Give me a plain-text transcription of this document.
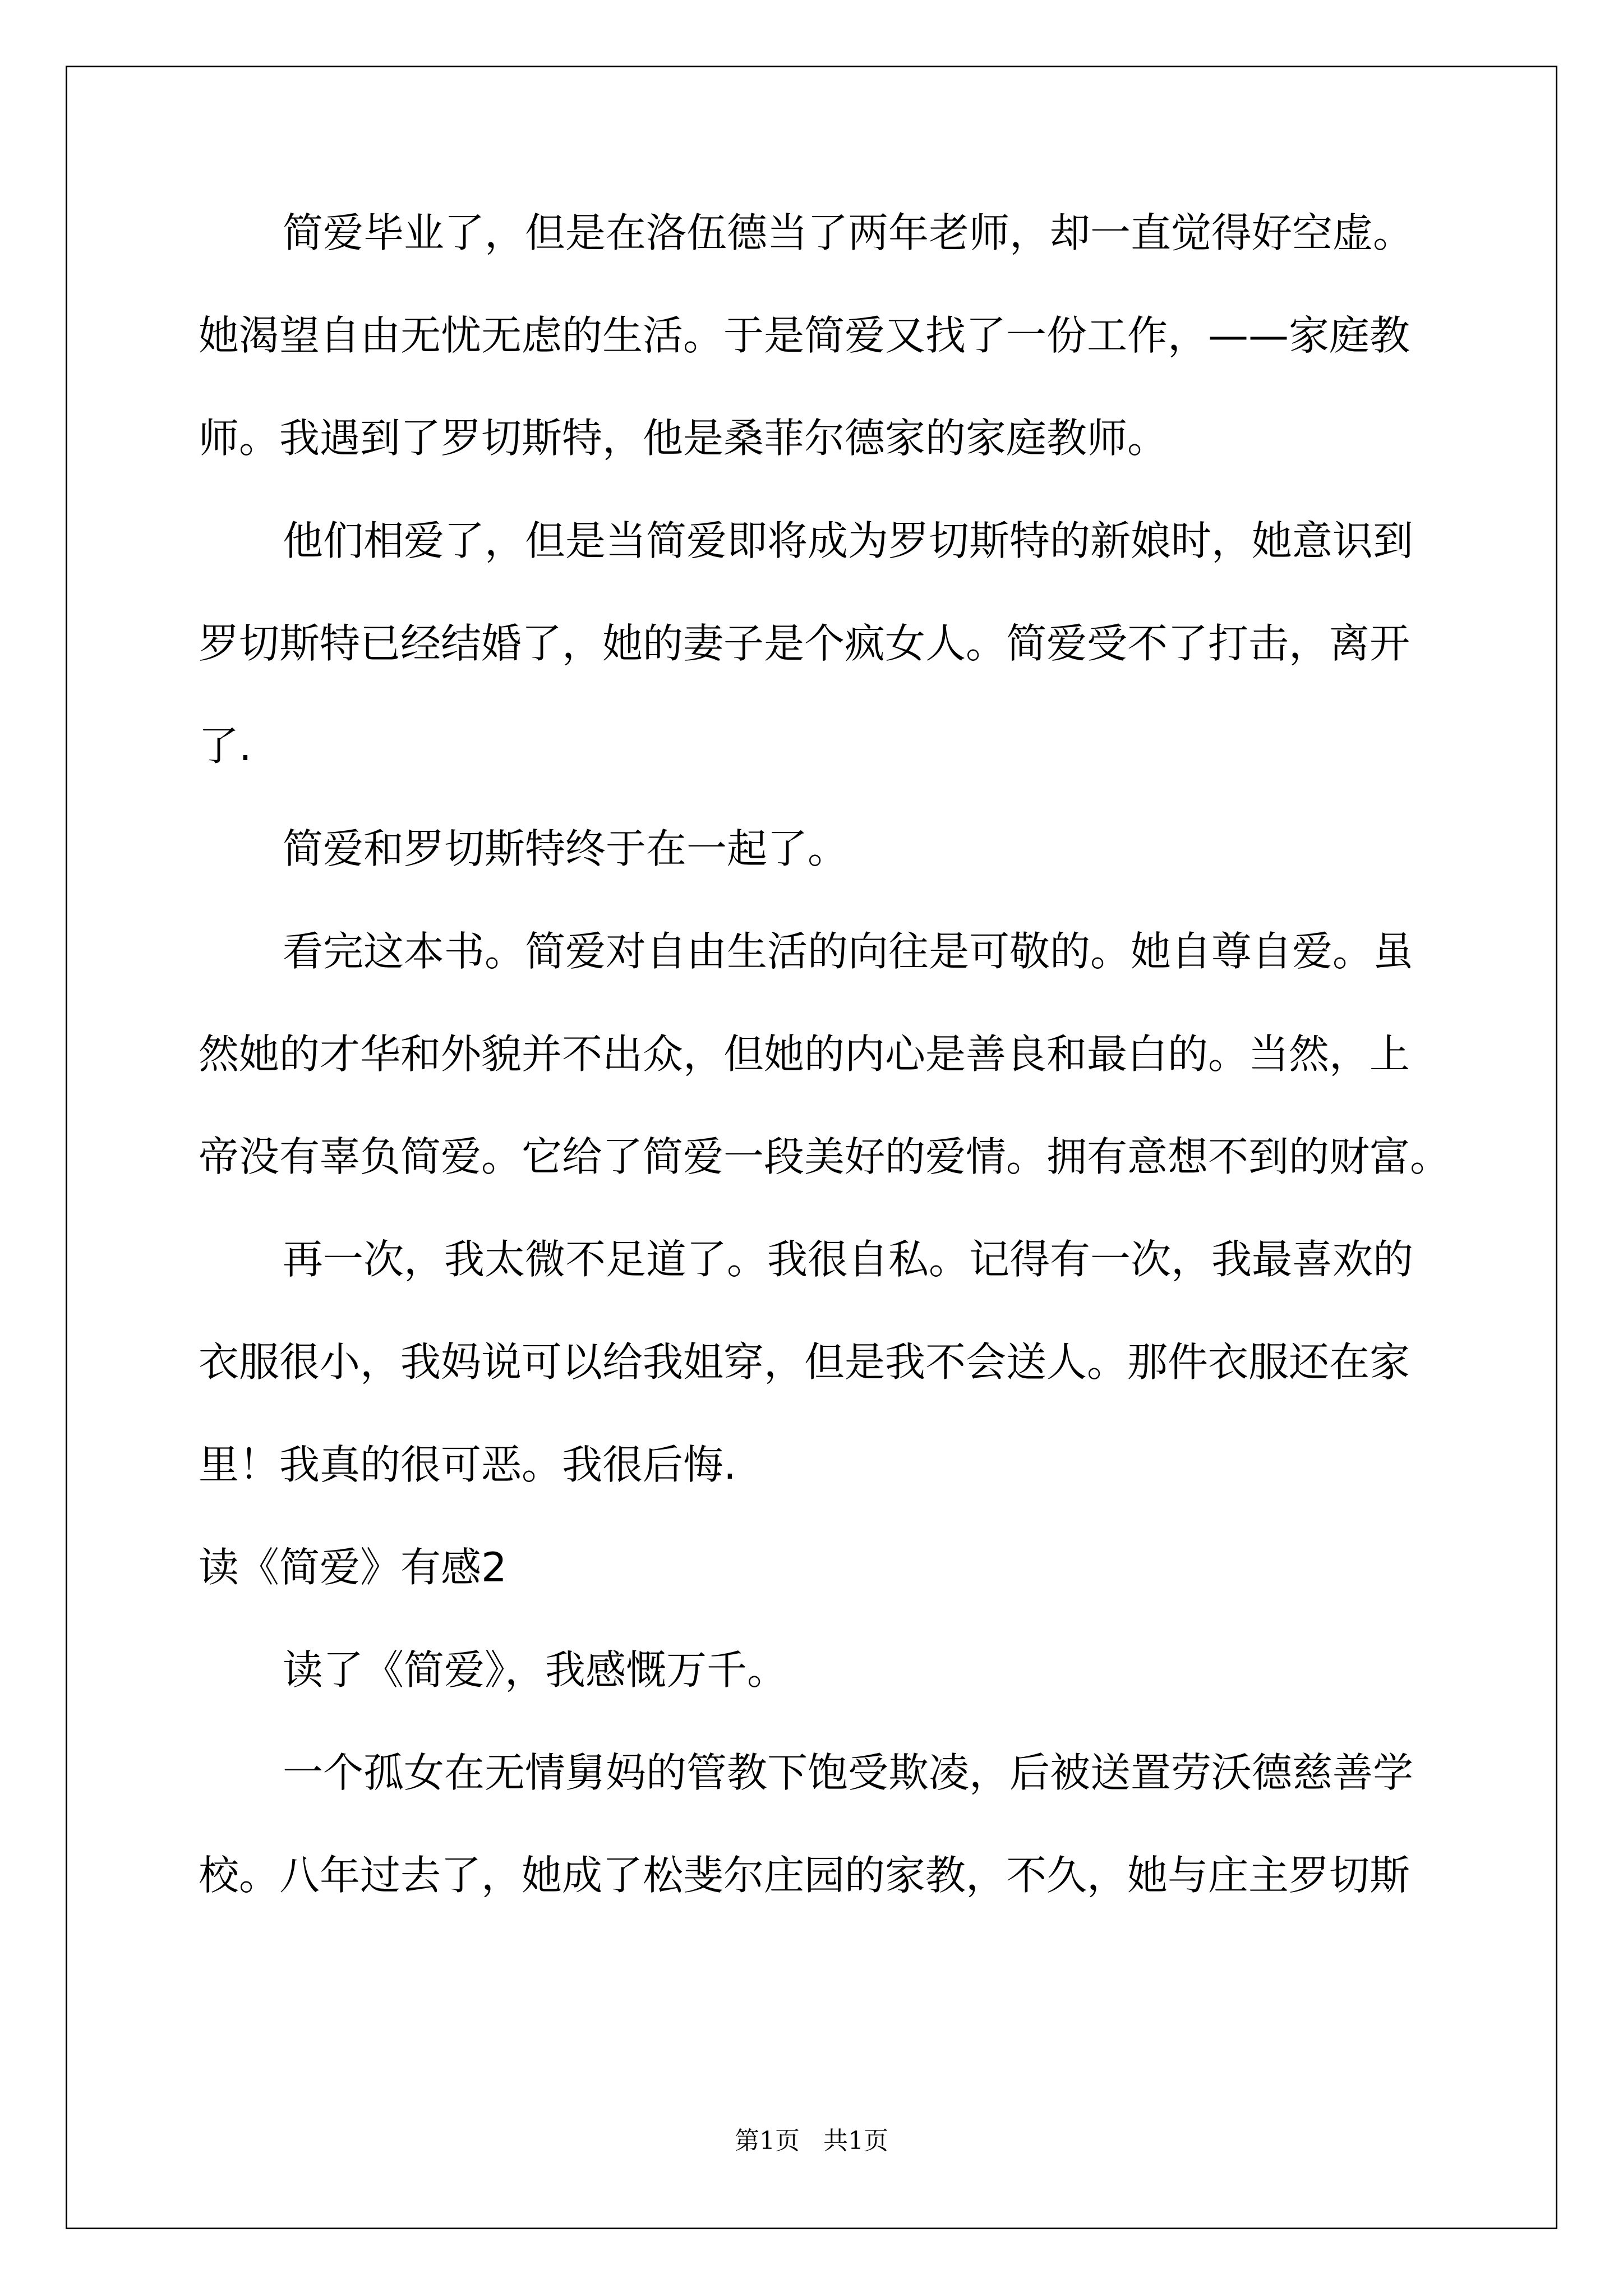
简爱毕业了，但是在洛伍德当了两年老师，却一直觉得好空虚。
她渴望自由无忧无虑的生活。于是简爱又找了一份工作，——家庭教
师。我遇到了罗切斯特，他是桑菲尔德家的家庭教师。
他们相爱了，但是当简爱即将成为罗切斯特的新娘时，她意识到
罗切斯特已经结婚了，她的妻子是个疯女人。简爱受不了打击，离开
了.
简爱和罗切斯特终于在一起了。
看完这本书。简爱对自由生活的向往是可敬的。她自尊自爱。虽
然她的才华和外貌并不出众，但她的内心是善良和最白的。当然，上
帝没有辜负简爱。它给了简爱一段美好的爱情。拥有意想不到的财富。
再一次，我太微不足道了。我很自私。记得有一次，我最喜欢的
衣服很小，我妈说可以给我姐穿，但是我不会送人。那件衣服还在家
里！我真的很可恶。我很后悔.
读《简爱》有感2
读了《简爱》，我感慨万千。
一个孤女在无情舅妈的管教下饱受欺凌，后被送置劳沃德慈善学
校。八年过去了，她成了松斐尔庄园的家教，不久，她与庄主罗切斯
第1页   共1页
